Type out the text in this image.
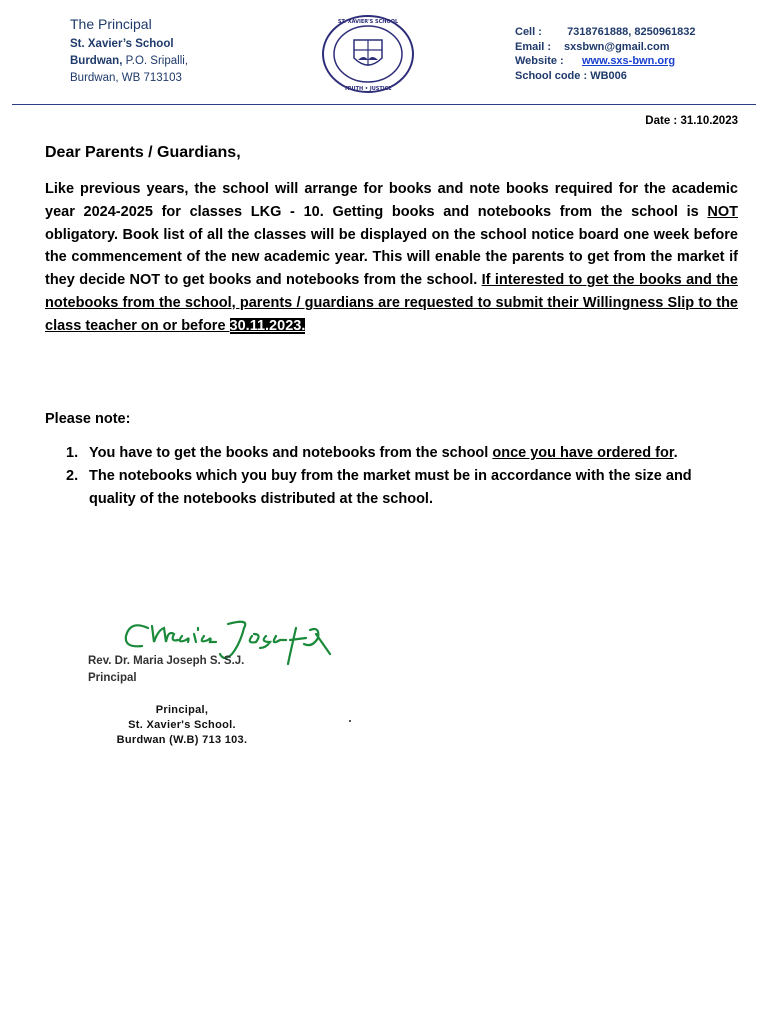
The Principal
St. Xavier’s School
Burdwan, P.O. Sripalli,
Burdwan, WB 713103
ST. XAVIER'S SCHOOL
TRUTH • JUSTICE
Cell : 7318761888, 8250961832
Email : sxsbwn@gmail.com
Website : www.sxs-bwn.org
School code : WB006
Date : 31.10.2023
Dear Parents / Guardians,
Like previous years, the school will arrange for books and note books required for the academic year 2024-2025 for classes LKG - 10. Getting books and notebooks from the school is NOT obligatory. Book list of all the classes will be displayed on the school notice board one week before the commencement of the new academic year. This will enable the parents to get from the market if they decide NOT to get books and notebooks from the school. If interested to get the books and the notebooks from the school, parents / guardians are requested to submit their Willingness Slip to the class teacher on or before 30.11.2023.
Please note:
1. You have to get the books and notebooks from the school once you have ordered for.
2. The notebooks which you buy from the market must be in accordance with the size and quality of the notebooks distributed at the school.
Rev. Dr. Maria Joseph S. S.J.
Principal
Principal,
St. Xavier's School.
Burdwan (W.B) 713 103.
